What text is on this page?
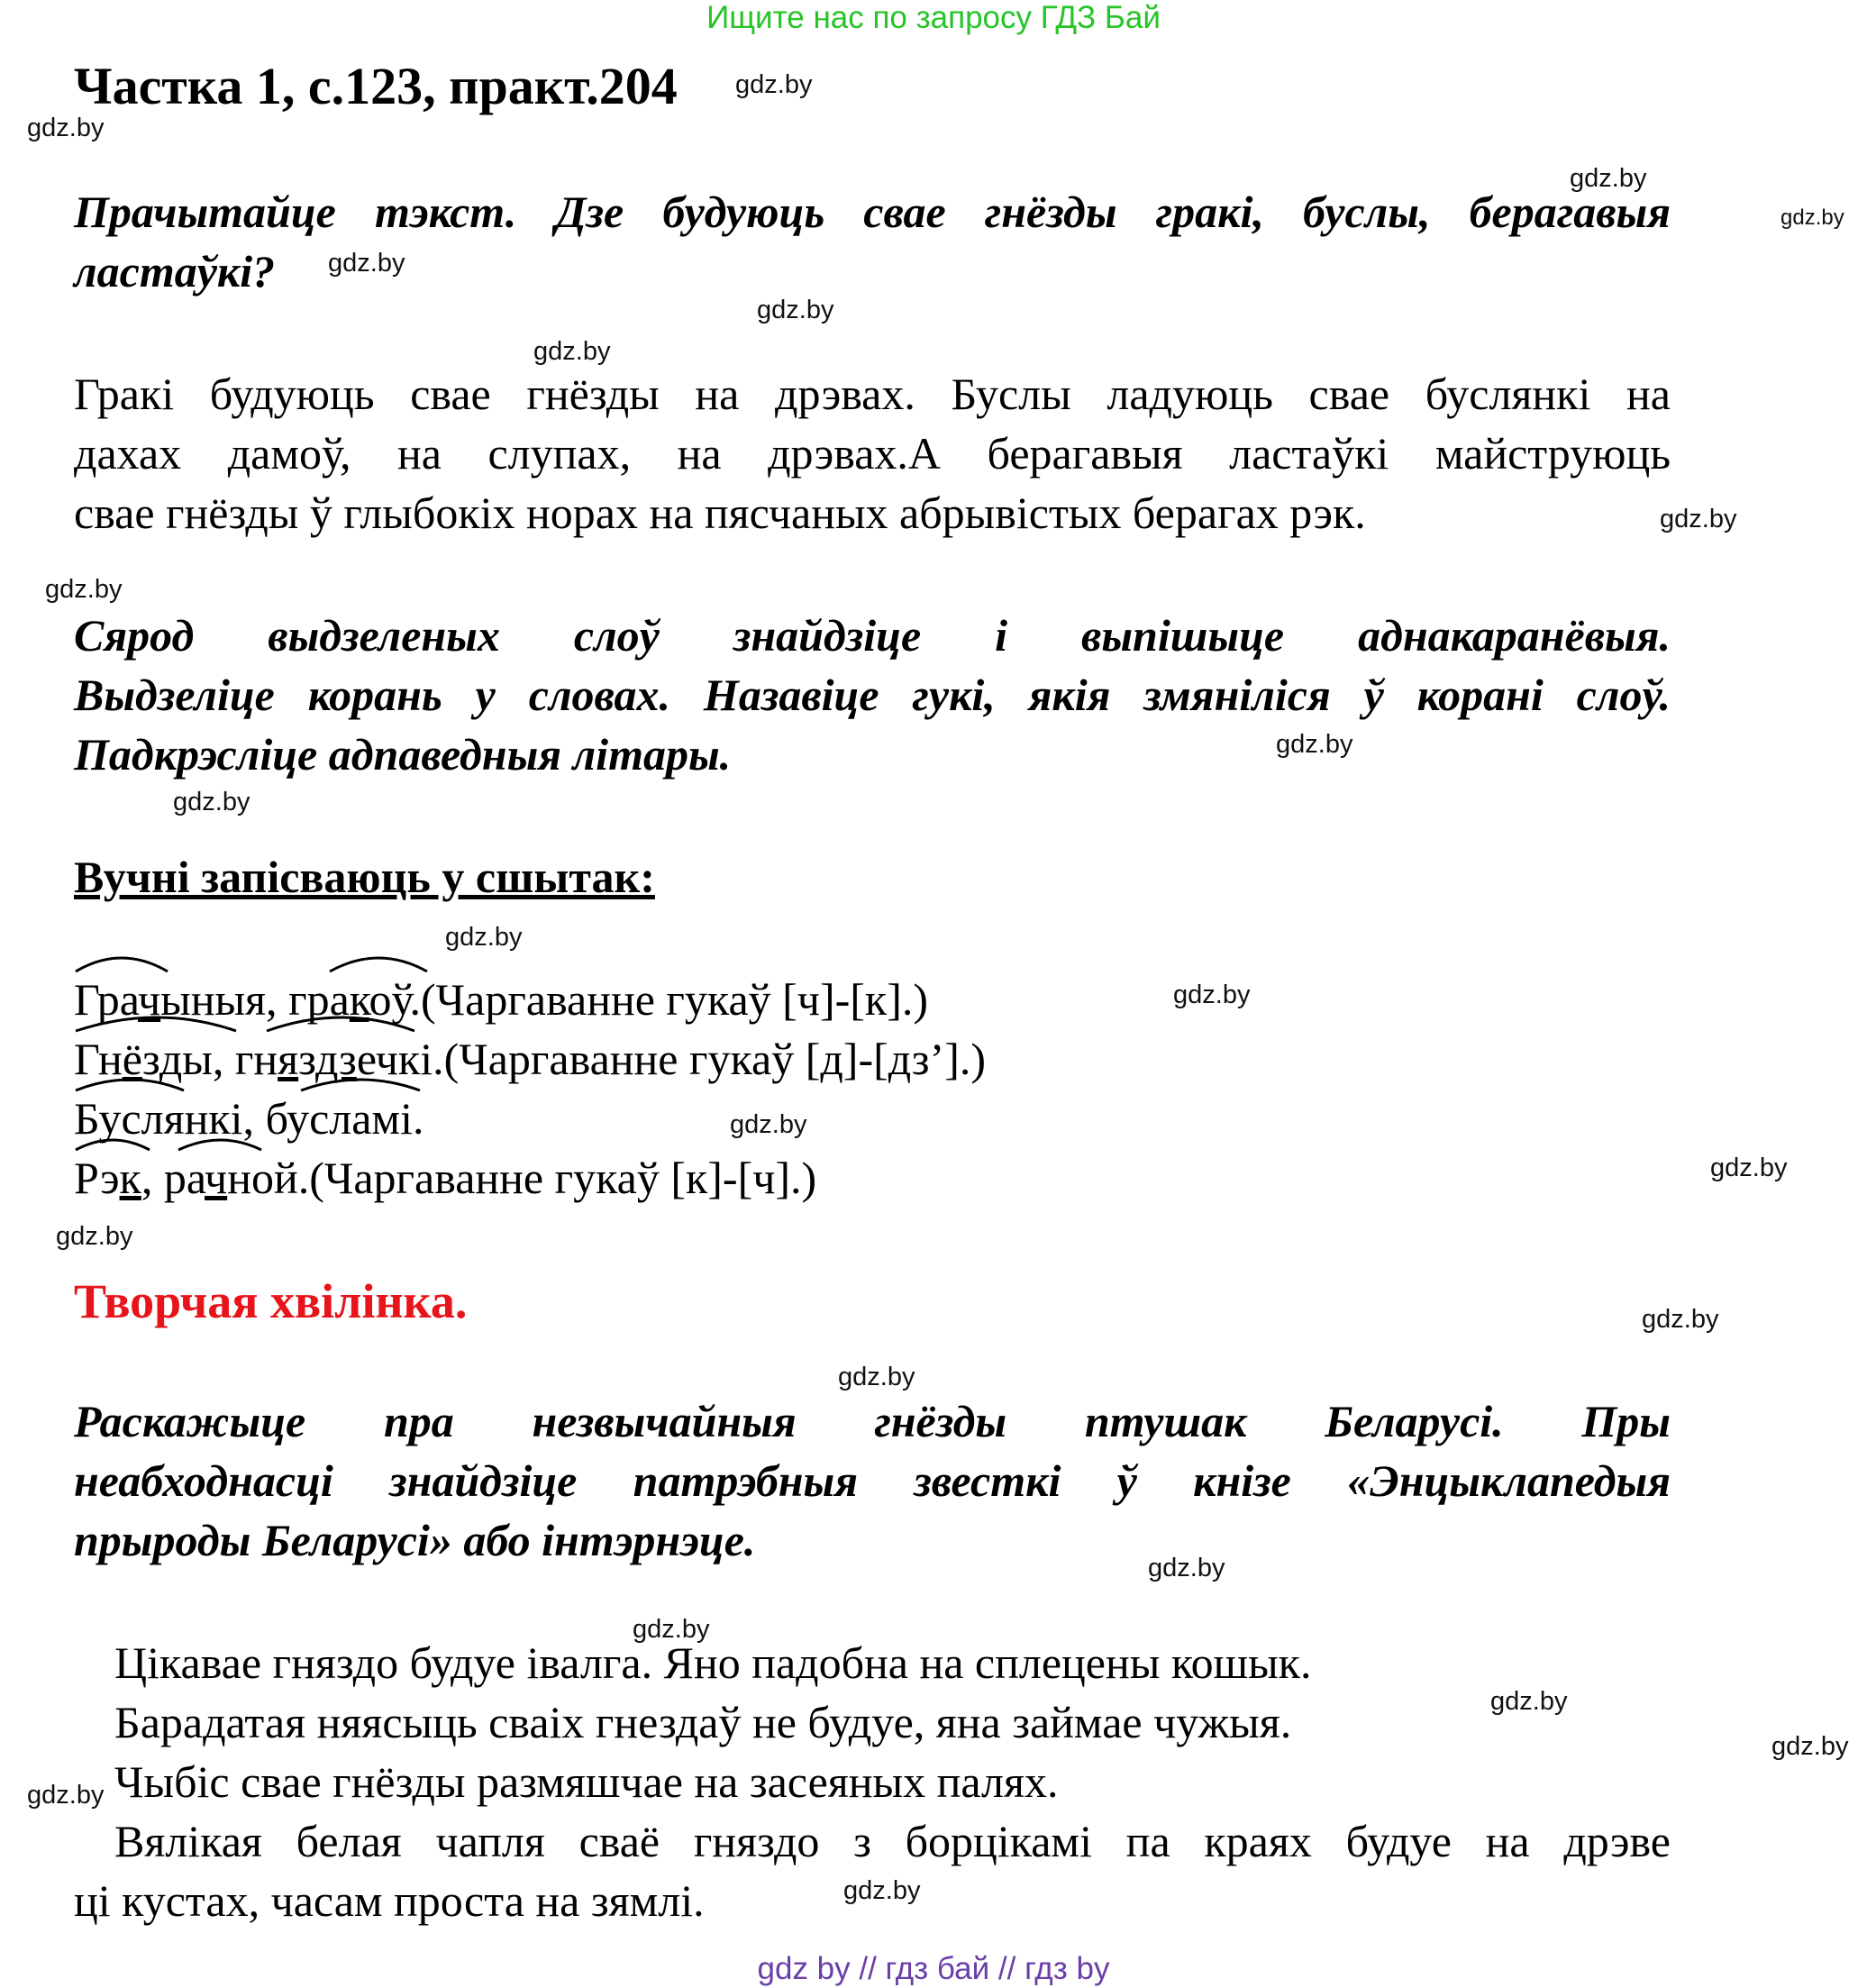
Ищите нас по запросу ГДЗ Бай
Частка 1, с.123, практ.204 gdz.by
gdz.by
gdz.by
gdz.by
gdz.by
gdz.by
gdz.by
gdz.by
gdz.by
gdz.by
gdz.by
gdz.by
gdz.by
gdz.by
gdz.by
gdz.by
gdz.by
gdz.by
gdz.by
gdz.by
gdz.by
gdz.by
gdz.by
gdz.by

Прачытайце тэкст. Дзе будуюць свае гнёзды гракі, буслы, берагавыя

ластаўкі?

Гракі будуюць свае гнёзды на дрэвах. Буслы ладуюць свае буслянкі на
дахах дамоў, на слупах, на дрэвах.А берагавыя ластаўкі майструюць
свае гнёзды ў глыбокіх норах на пясчаных абрывістых берагах рэк.

Сярод выдзеленых слоў знайдзіце і выпішыце аднакаранёвыя.

Выдзеліце корань у словах. Назавіце гукі, якія змяніліся ў корані слоў.

Падкрэсліце адпаведныя літары.

Вучні запісваюць у сшытак:
Грачыныя, гракоў.(Чаргаванне гукаў [ч]-[к].)
Гнёзды, гняздзечкі.(Чаргаванне гукаў [д]-[дз’].)
Буслянкі, бусламі.
Рэк, рачной.(Чаргаванне гукаў [к]-[ч].)
Творчая хвілінка.

Раскажыце пра незвычайныя гнёзды птушак Беларусі. Пры

неабходнасці знайдзіце патрэбныя звесткі ў кнізе «Энцыклапедыя

прыроды Беларусі» або інтэрнэце.

Цікавае гняздо будуе івалга. Яно падобна на сплецены кошык.
Барадатая няясыць сваіх гнездаў не будуе, яна займае чужыя.
Чыбіс свае гнёзды размяшчае на засеяных палях.
Вялікая белая чапля сваё гняздо з борцікамі па краях будуе на дрэве
ці кустах, часам проста на зямлі.
gdz by // гдз бай // гдз by
